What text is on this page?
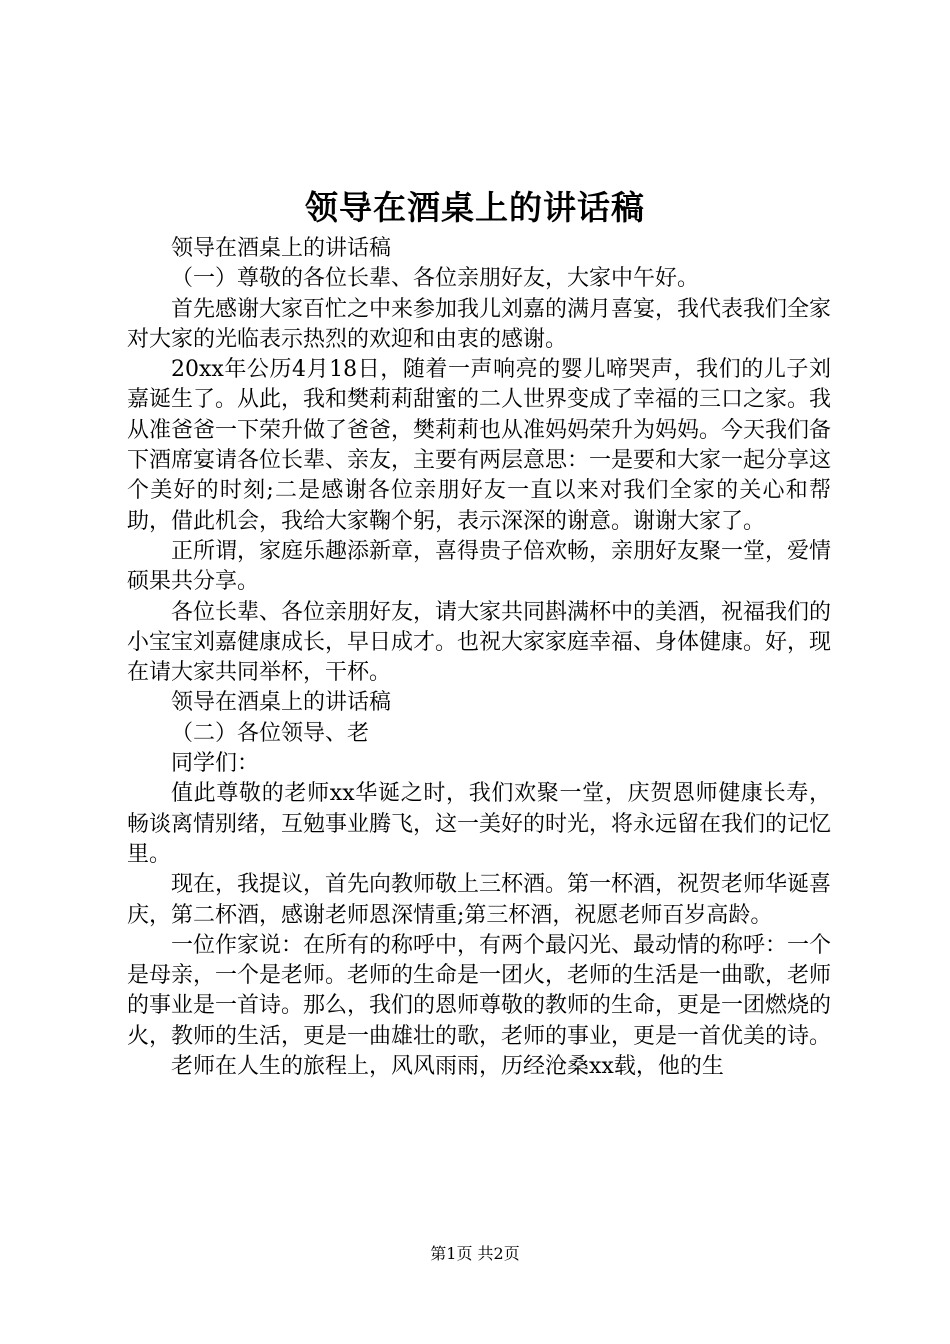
领导在酒桌上的讲话稿

领导在酒桌上的讲话稿

（一）尊敬的各位长辈、各位亲朋好友，大家中午好。

首先感谢大家百忙之中来参加我儿刘嘉的满月喜宴，我代表我们全家对大家的光临表示热烈的欢迎和由衷的感谢。

20xx年公历4月18日，随着一声响亮的婴儿啼哭声，我们的儿子刘嘉诞生了。从此，我和樊莉莉甜蜜的二人世界变成了幸福的三口之家。我从准爸爸一下荣升做了爸爸，樊莉莉也从准妈妈荣升为妈妈。今天我们备下酒席宴请各位长辈、亲友，主要有两层意思：一是要和大家一起分享这个美好的时刻;二是感谢各位亲朋好友一直以来对我们全家的关心和帮助，借此机会，我给大家鞠个躬，表示深深的谢意。谢谢大家了。

正所谓，家庭乐趣添新章，喜得贵子倍欢畅，亲朋好友聚一堂，爱情硕果共分享。

各位长辈、各位亲朋好友，请大家共同斟满杯中的美酒，祝福我们的小宝宝刘嘉健康成长，早日成才。也祝大家家庭幸福、身体健康。好，现在请大家共同举杯，干杯。

领导在酒桌上的讲话稿

（二）各位领导、老

同学们：

值此尊敬的老师xx华诞之时，我们欢聚一堂，庆贺恩师健康长寿，畅谈离情别绪，互勉事业腾飞，这一美好的时光，将永远留在我们的记忆里。

现在，我提议，首先向教师敬上三杯酒。第一杯酒，祝贺老师华诞喜庆，第二杯酒，感谢老师恩深情重;第三杯酒，祝愿老师百岁高龄。

一位作家说：在所有的称呼中，有两个最闪光、最动情的称呼：一个是母亲，一个是老师。老师的生命是一团火，老师的生活是一曲歌，老师的事业是一首诗。那么，我们的恩师尊敬的教师的生命，更是一团燃烧的火，教师的生活，更是一曲雄壮的歌，老师的事业，更是一首优美的诗。

老师在人生的旅程上，风风雨雨，历经沧桑xx载，他的生

第1页 共2页
